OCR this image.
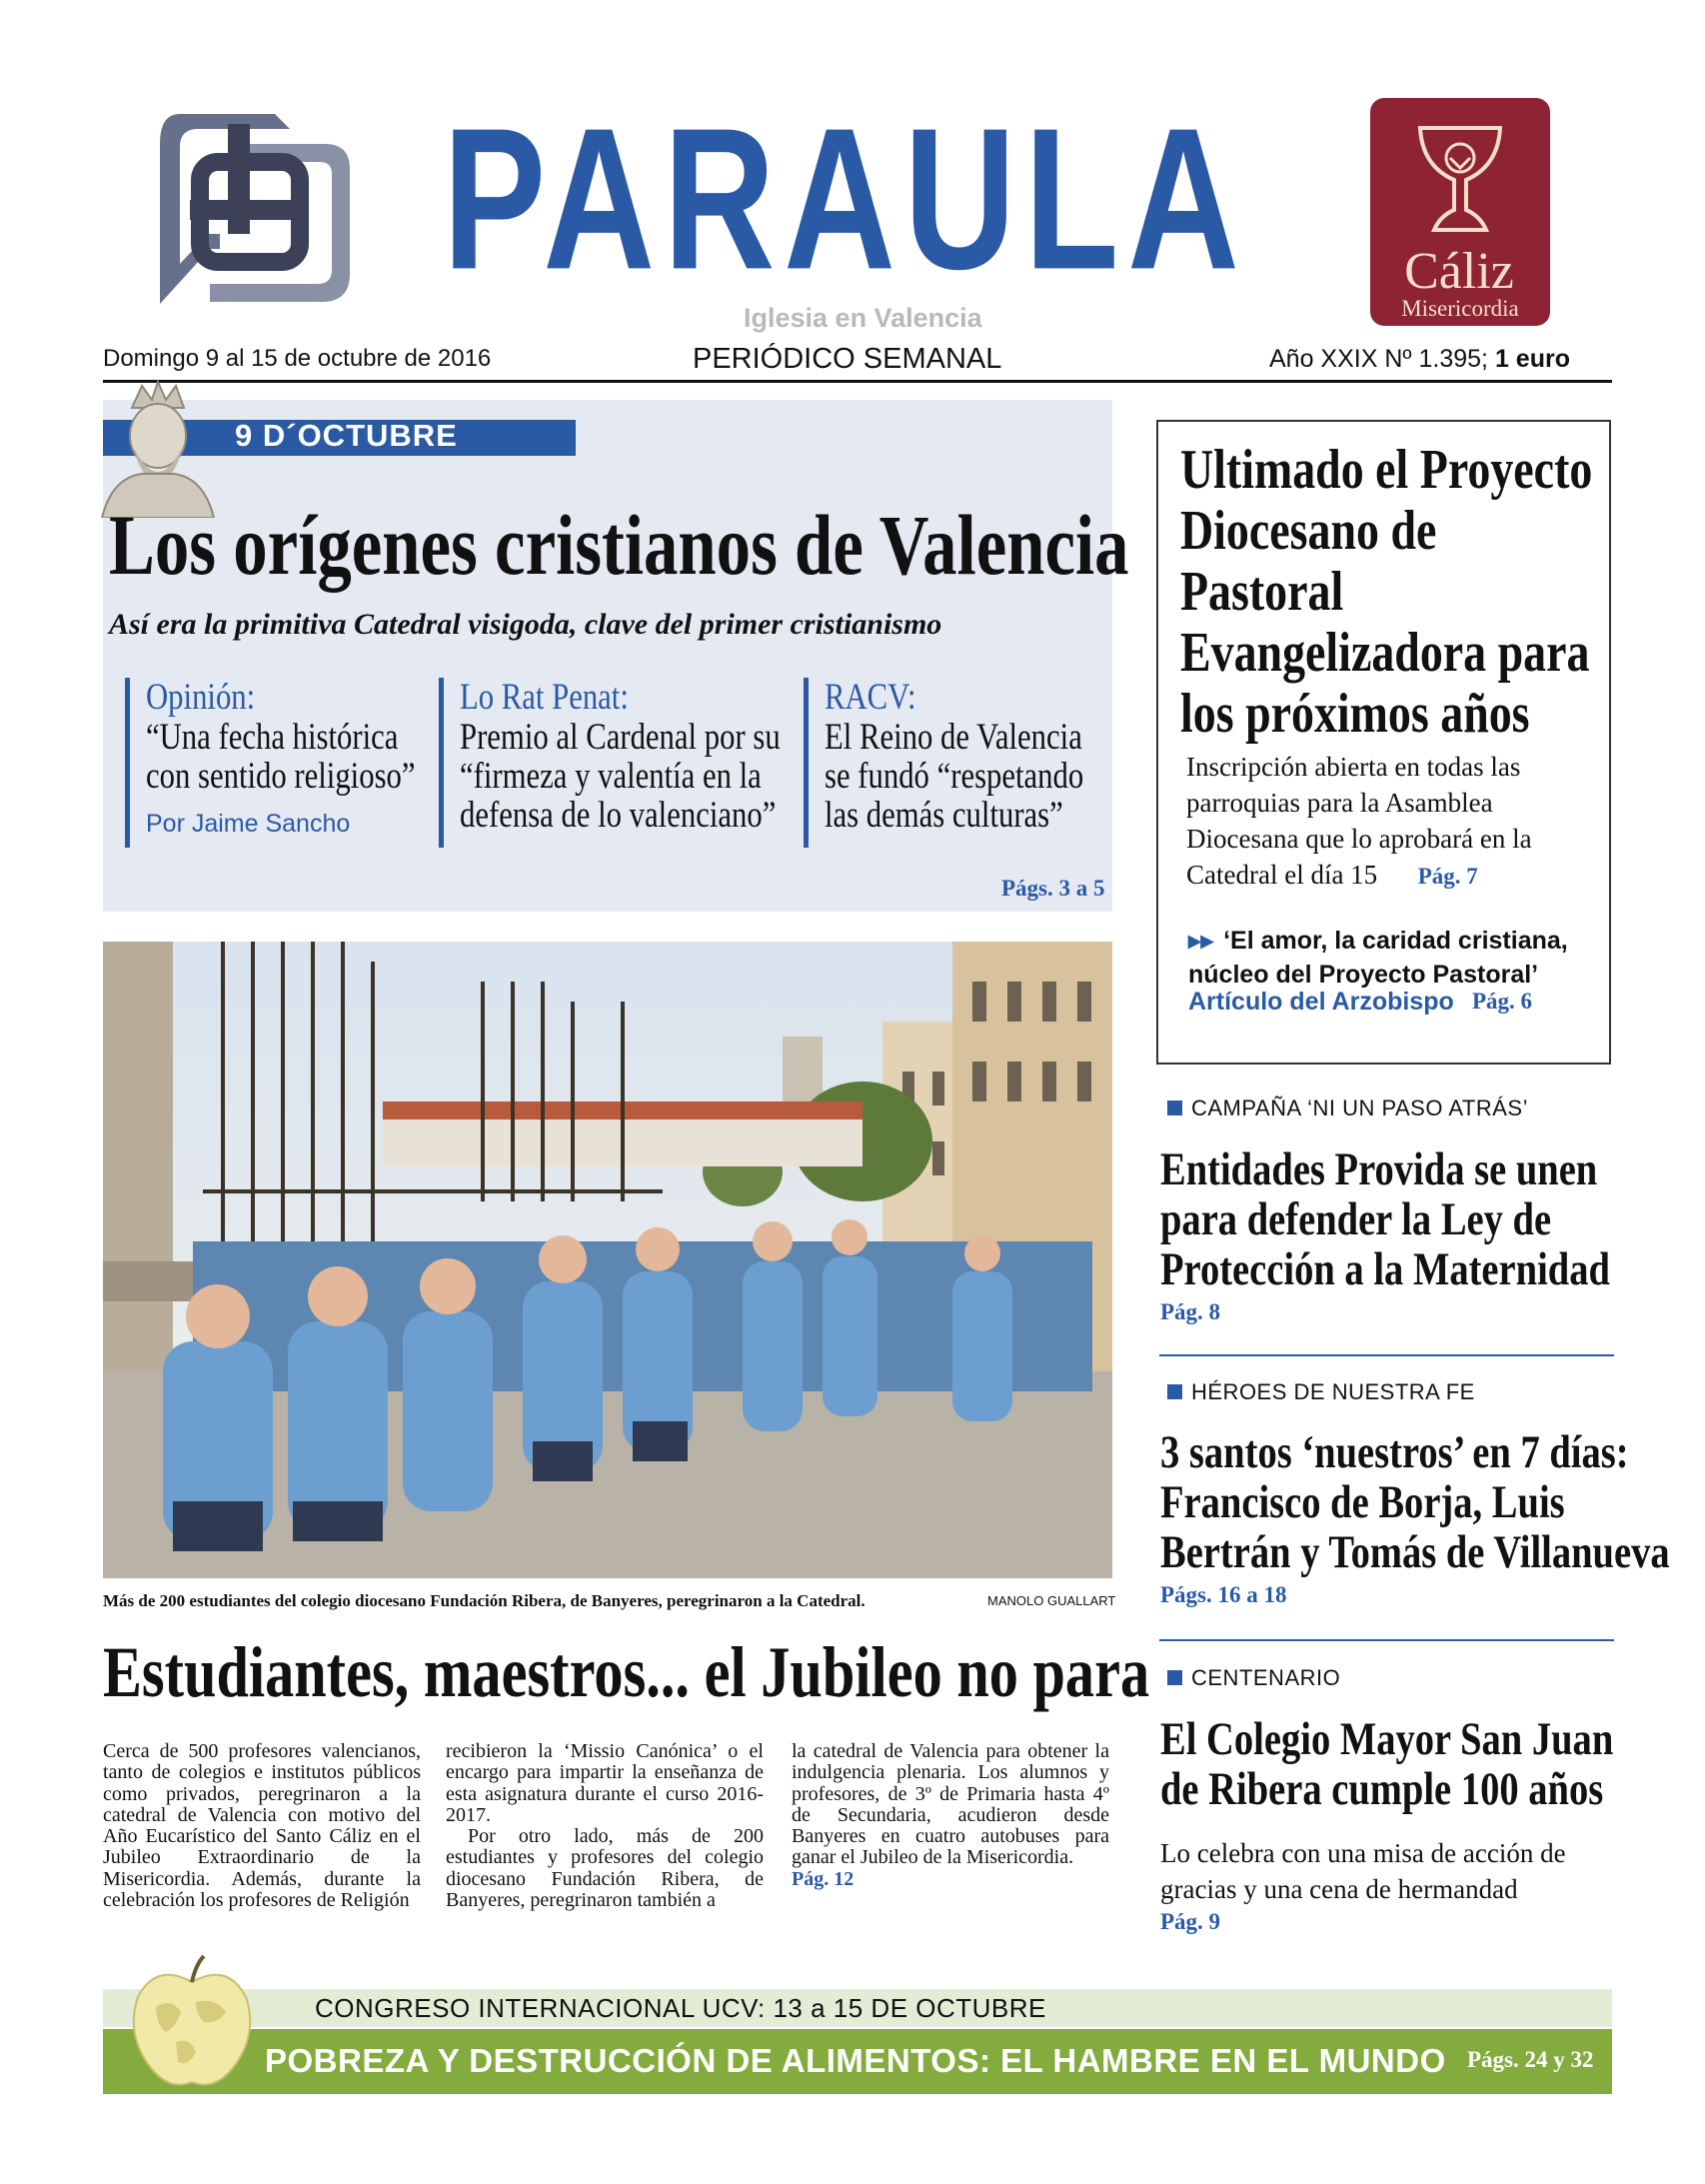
PARAULA
Iglesia en Valencia
Cáliz
Misericordia
Domingo 9 al 15 de octubre de 2016	PERIÓDICO SEMANAL	Año XXIX Nº 1.395; 1 euro
9 D´OCTUBRE
Los orígenes cristianos de Valencia
Así era la primitiva Catedral visigoda, clave del primer cristianismo
Opinión:
“Una fecha histórica
con sentido religioso”
Por Jaime Sancho
Lo Rat Penat:
Premio al Cardenal por su
“firmeza y valentía en la
defensa de lo valenciano”
RACV:
El Reino de Valencia
se fundó “respetando
las demás culturas”
Págs. 3 a 5
Ultimado el Proyecto
Diocesano de
Pastoral
Evangelizadora para
los próximos años
Inscripción abierta en todas las
parroquias para la Asamblea
Diocesana que lo aprobará en la
Catedral el día 15 Pág. 7
▸▸ ‘El amor, la caridad cristiana,
núcleo del Proyecto Pastoral’
Artículo del Arzobispo Pág. 6
CAMPAÑA ‘NI UN PASO ATRÁS’
Entidades Provida se unen
para defender la Ley de
Protección a la Maternidad
Pág. 8
HÉROES DE NUESTRA FE
3 santos ‘nuestros’ en 7 días:
Francisco de Borja, Luis
Bertrán y Tomás de Villanueva
Págs. 16 a 18
CENTENARIO
El Colegio Mayor San Juan
de Ribera cumple 100 años
Lo celebra con una misa de acción de
gracias y una cena de hermandad
Pág. 9
Más de 200 estudiantes del colegio diocesano Fundación Ribera, de Banyeres, peregrinaron a la Catedral.	MANOLO GUALLART
Estudiantes, maestros... el Jubileo no para

Cerca de 500 profesores valencianos, tanto de colegios e institutos públicos como privados, peregrinaron a la catedral de Valencia con motivo del Año Eucarístico del Santo Cáliz en el Jubileo Extraordinario de la Misericordia. Además, durante la celebración los profesores de Religión

recibieron la ‘Missio Canónica’ o el encargo para impartir la enseñanza de esta asignatura durante el curso 2016-2017.

Por otro lado, más de 200 estudiantes y profesores del colegio diocesano Fundación Ribera, de Banyeres, peregrinaron también a

la catedral de Valencia para obtener la indulgencia plenaria. Los alumnos y profesores, de 3º de Primaria hasta 4º de Secundaria, acudieron desde Banyeres en cuatro autobuses para ganar el Jubileo de la Misericordia.

Pág. 12
CONGRESO INTERNACIONAL UCV: 13 a 15 DE OCTUBRE
POBREZA Y DESTRUCCIÓN DE ALIMENTOS: EL HAMBRE EN EL MUNDO Págs. 24 y 32
